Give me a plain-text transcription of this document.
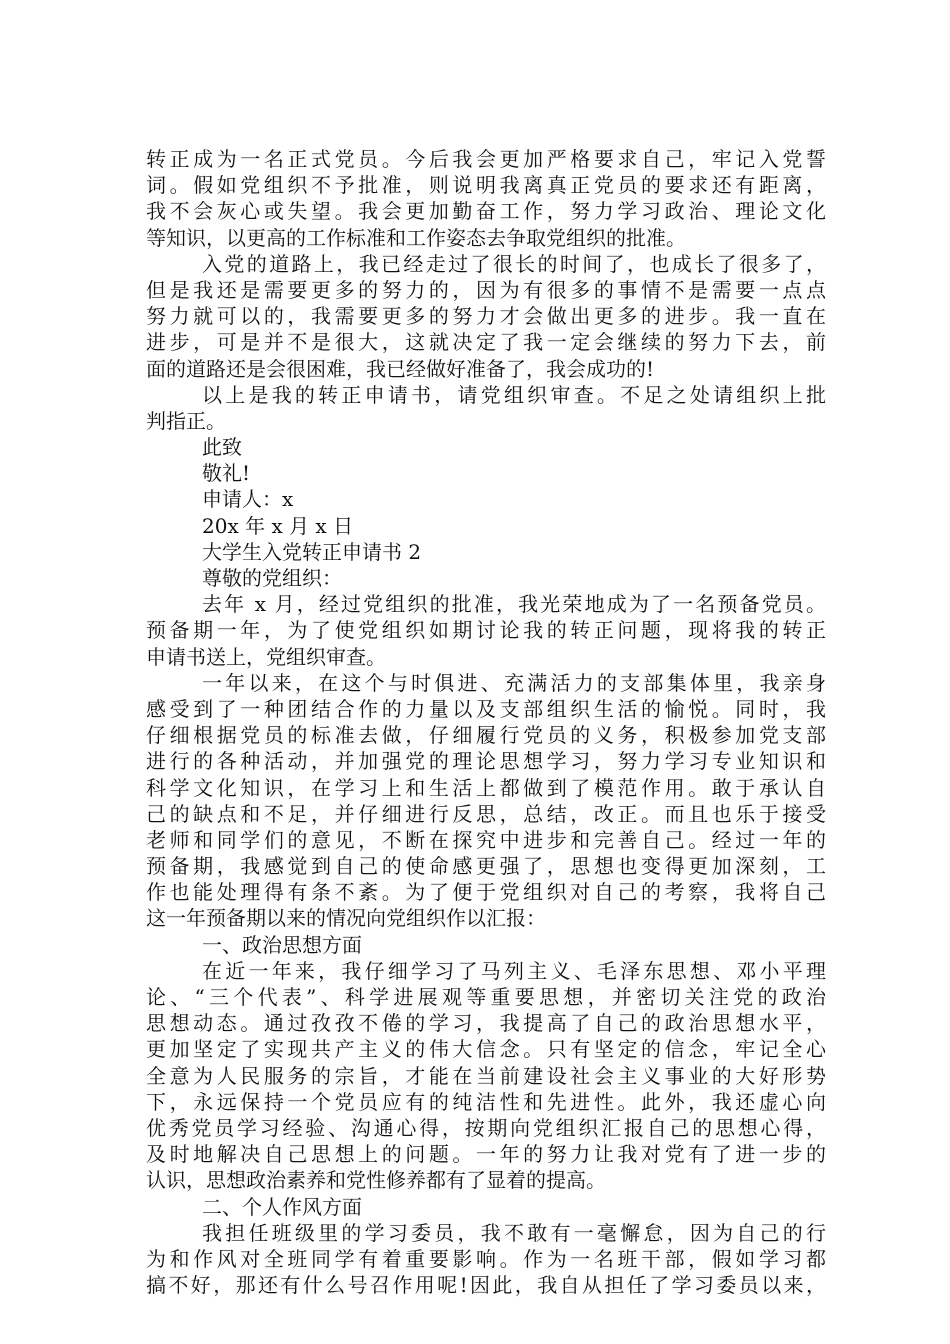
转正成为一名正式党员。今后我会更加严格要求自己，牢记入党誓
词。假如党组织不予批准，则说明我离真正党员的要求还有距离，
我不会灰心或失望。我会更加勤奋工作，努力学习政治、理论文化
等知识，以更高的工作标准和工作姿态去争取党组织的批准。
入党的道路上，我已经走过了很长的时间了，也成长了很多了，
但是我还是需要更多的努力的，因为有很多的事情不是需要一点点
努力就可以的，我需要更多的努力才会做出更多的进步。我一直在
进步，可是并不是很大，这就决定了我一定会继续的努力下去，前
面的道路还是会很困难，我已经做好准备了，我会成功的!
以上是我的转正申请书，请党组织审查。不足之处请组织上批
判指正。
此致
敬礼!
申请人：x
20x 年 x 月 x 日
大学生入党转正申请书 2
尊敬的党组织：
去年 x 月，经过党组织的批准，我光荣地成为了一名预备党员。
预备期一年，为了使党组织如期讨论我的转正问题，现将我的转正
申请书送上，党组织审查。
一年以来，在这个与时俱进、充满活力的支部集体里，我亲身
感受到了一种团结合作的力量以及支部组织生活的愉悦。同时，我
仔细根据党员的标准去做，仔细履行党员的义务，积极参加党支部
进行的各种活动，并加强党的理论思想学习，努力学习专业知识和
科学文化知识，在学习上和生活上都做到了模范作用。敢于承认自
己的缺点和不足，并仔细进行反思，总结，改正。而且也乐于接受
老师和同学们的意见，不断在探究中进步和完善自己。经过一年的
预备期，我感觉到自己的使命感更强了，思想也变得更加深刻，工
作也能处理得有条不紊。为了便于党组织对自己的考察，我将自己
这一年预备期以来的情况向党组织作以汇报：
一、政治思想方面
在近一年来，我仔细学习了马列主义、毛泽东思想、邓小平理
论、“三个代表”、科学进展观等重要思想，并密切关注党的政治
思想动态。通过孜孜不倦的学习，我提高了自己的政治思想水平，
更加坚定了实现共产主义的伟大信念。只有坚定的信念，牢记全心
全意为人民服务的宗旨，才能在当前建设社会主义事业的大好形势
下，永远保持一个党员应有的纯洁性和先进性。此外，我还虚心向
优秀党员学习经验、沟通心得，按期向党组织汇报自己的思想心得，
及时地解决自己思想上的问题。一年的努力让我对党有了进一步的
认识，思想政治素养和党性修养都有了显着的提高。
二、个人作风方面
我担任班级里的学习委员，我不敢有一毫懈怠，因为自己的行
为和作风对全班同学有着重要影响。作为一名班干部，假如学习都
搞不好，那还有什么号召作用呢!因此，我自从担任了学习委员以来，
